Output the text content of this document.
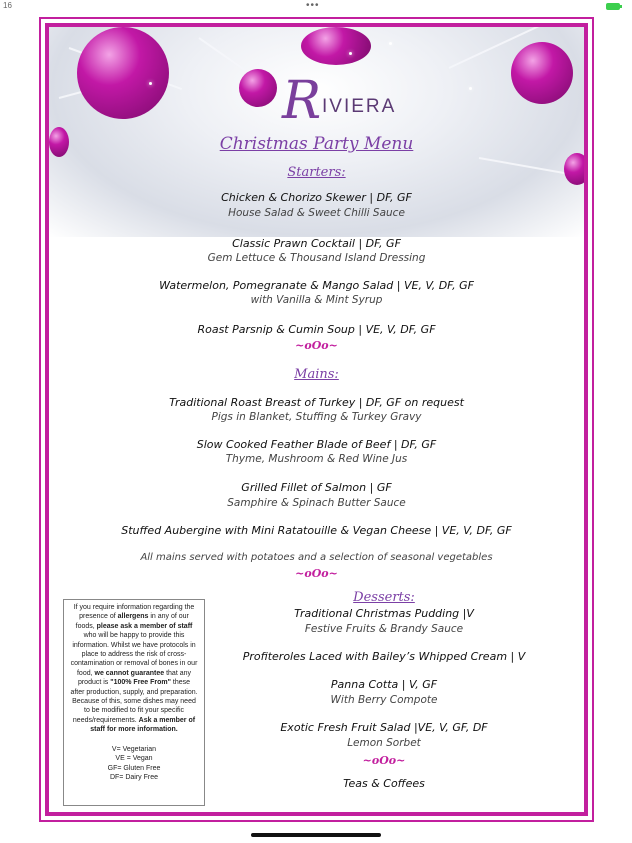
16	•••
R IVIERA
Christmas Party Menu
Starters:
Chicken & Chorizo Skewer | DF, GF
House Salad & Sweet Chilli Sauce
Classic Prawn Cocktail | DF, GF
Gem Lettuce & Thousand Island Dressing
Watermelon, Pomegranate & Mango Salad | VE, V, DF, GF
with Vanilla & Mint Syrup
Roast Parsnip & Cumin Soup | VE, V, DF, GF
~oOo~
Mains:
Traditional Roast Breast of Turkey | DF, GF on request
Pigs in Blanket, Stuffing & Turkey Gravy
Slow Cooked Feather Blade of Beef | DF, GF
Thyme, Mushroom & Red Wine Jus
Grilled Fillet of Salmon | GF
Samphire & Spinach Butter Sauce
Stuffed Aubergine with Mini Ratatouille & Vegan Cheese | VE, V, DF, GF
All mains served with potatoes and a selection of seasonal vegetables
~oOo~

If you require information regarding the presence of allergens in any of our foods, please ask a member of staff who will be happy to provide this information. Whilst we have protocols in place to address the risk of cross-contamination or removal of bones in our food, we cannot guarantee that any product is "100% Free From" these after production, supply, and preparation. Because of this, some dishes may need to be modified to fit your specific needs/requirements. Ask a member of staff for more information.

V= Vegetarian

VE = Vegan

GF= Gluten Free

DF= Dairy Free

Desserts:
Traditional Christmas Pudding |V
Festive Fruits & Brandy Sauce
Profiteroles Laced with Bailey’s Whipped Cream | V
Panna Cotta | V, GF
With Berry Compote
Exotic Fresh Fruit Salad |VE, V, GF, DF
Lemon Sorbet
~oOo~
Teas & Coffees
